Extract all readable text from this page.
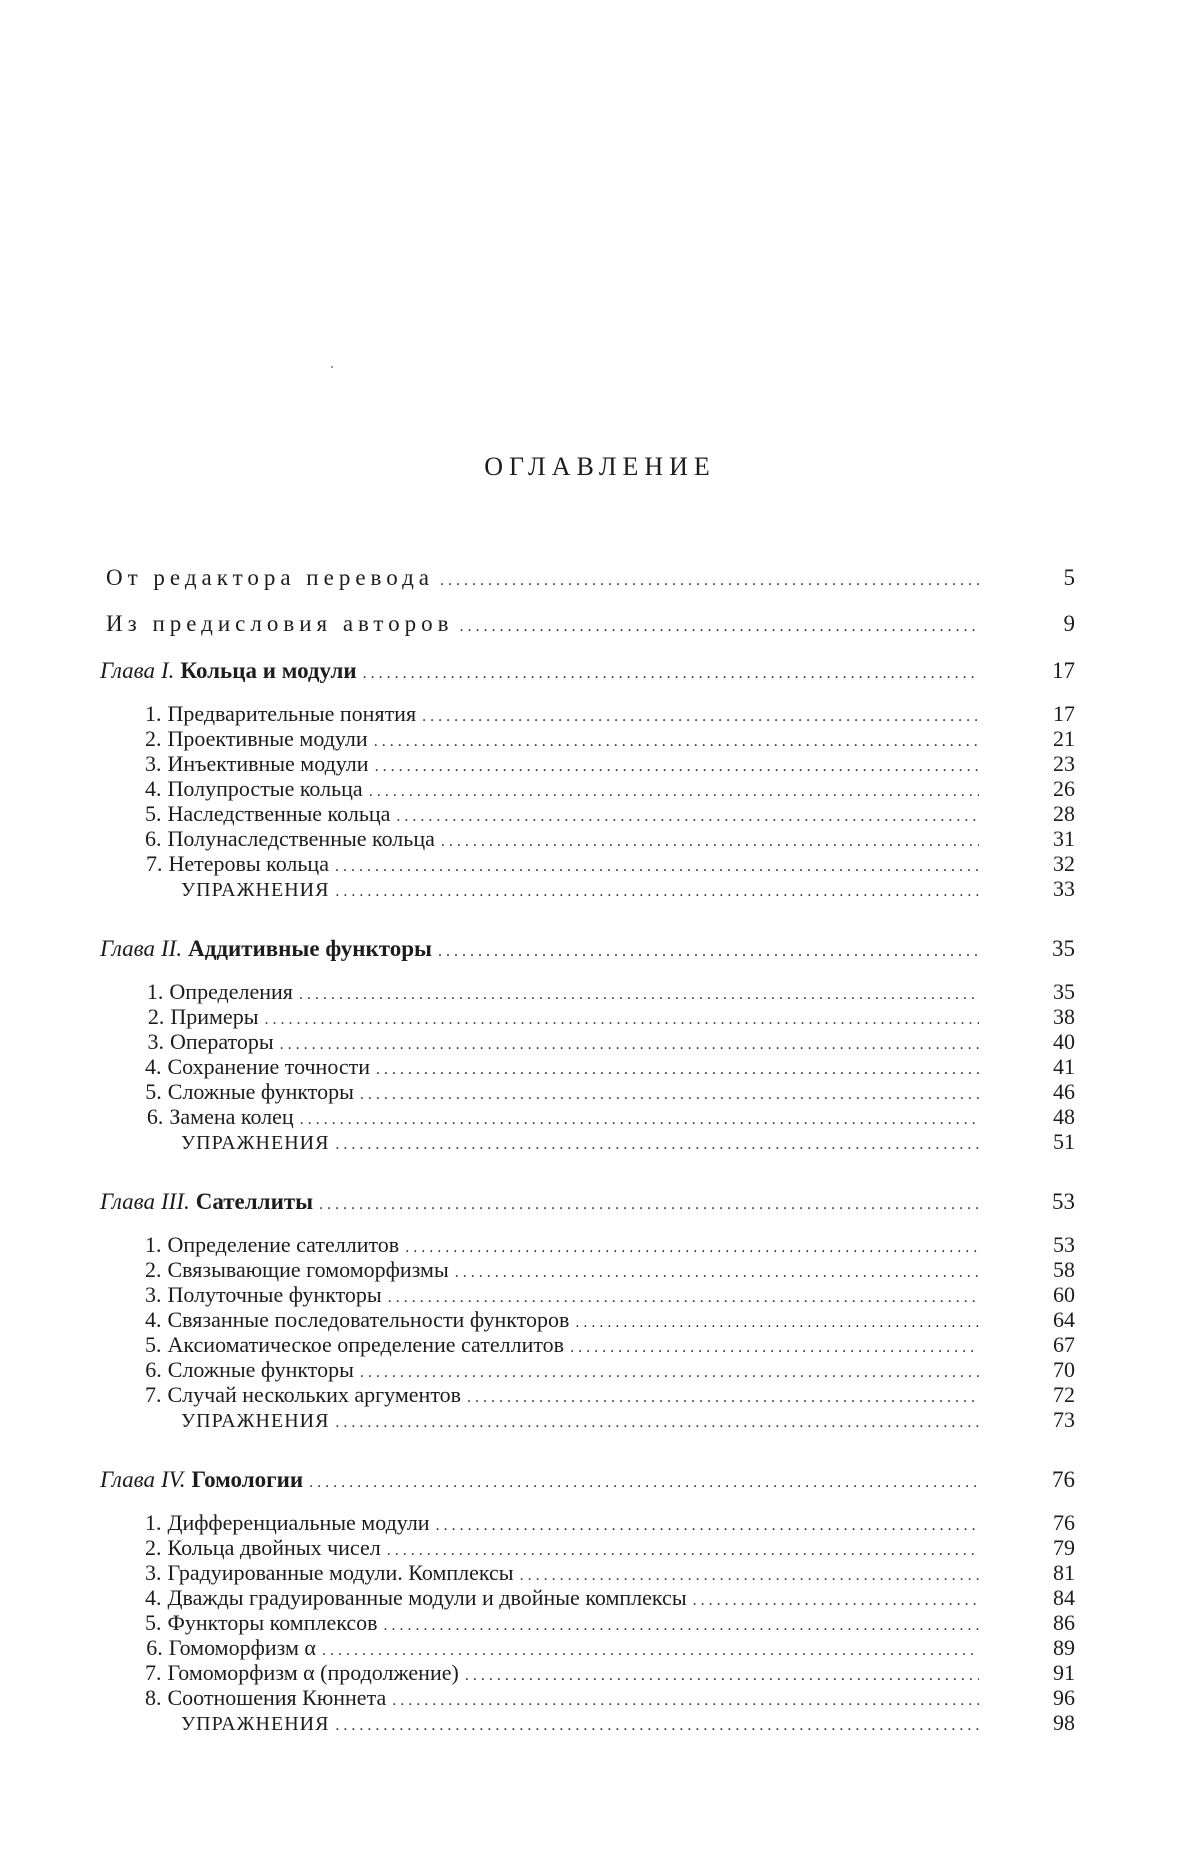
ОГЛАВЛЕНИЕ
От редактора перевода . . .	5
Из предисловия авторов . . .	9
Глава I. Кольца и модули . . .	17
1. Предварительные понятия . . .	17
2. Проективные модули . . .	21
3. Инъективные модули . . .	23
4. Полупростые кольца . . .	26
5. Наследственные кольца . . .	28
6. Полунаследственные кольца . . .	31
7. Нетеровы кольца . . .	32
УПРАЖНЕНИЯ . . .	33
Глава II. Аддитивные функторы . . .	35
1. Определения . . .	35
2. Примеры . . .	38
3. Операторы . . .	40
4. Сохранение точности . . .	41
5. Сложные функторы . . .	46
6. Замена колец . . .	48
УПРАЖНЕНИЯ . . .	51
Глава III. Сателлиты . . .	53
1. Определение сателлитов . . .	53
2. Связывающие гомоморфизмы . . .	58
3. Полуточные функторы . . .	60
4. Связанные последовательности функторов . . .	64
5. Аксиоматическое определение сателлитов . . .	67
6. Сложные функторы . . .	70
7. Случай нескольких аргументов . . .	72
УПРАЖНЕНИЯ . . .	73
Глава IV. Гомологии . . .	76
1. Дифференциальные модули . . .	76
2. Кольца двойных чисел . . .	79
3. Градуированные модули. Комплексы . . .	81
4. Дважды градуированные модули и двойные комплексы . . .	84
5. Функторы комплексов . . .	86
6. Гомоморфизм α . . .	89
7. Гомоморфизм α (продолжение) . . .	91
8. Соотношения Кюннета . . .	96
УПРАЖНЕНИЯ . . .	98
